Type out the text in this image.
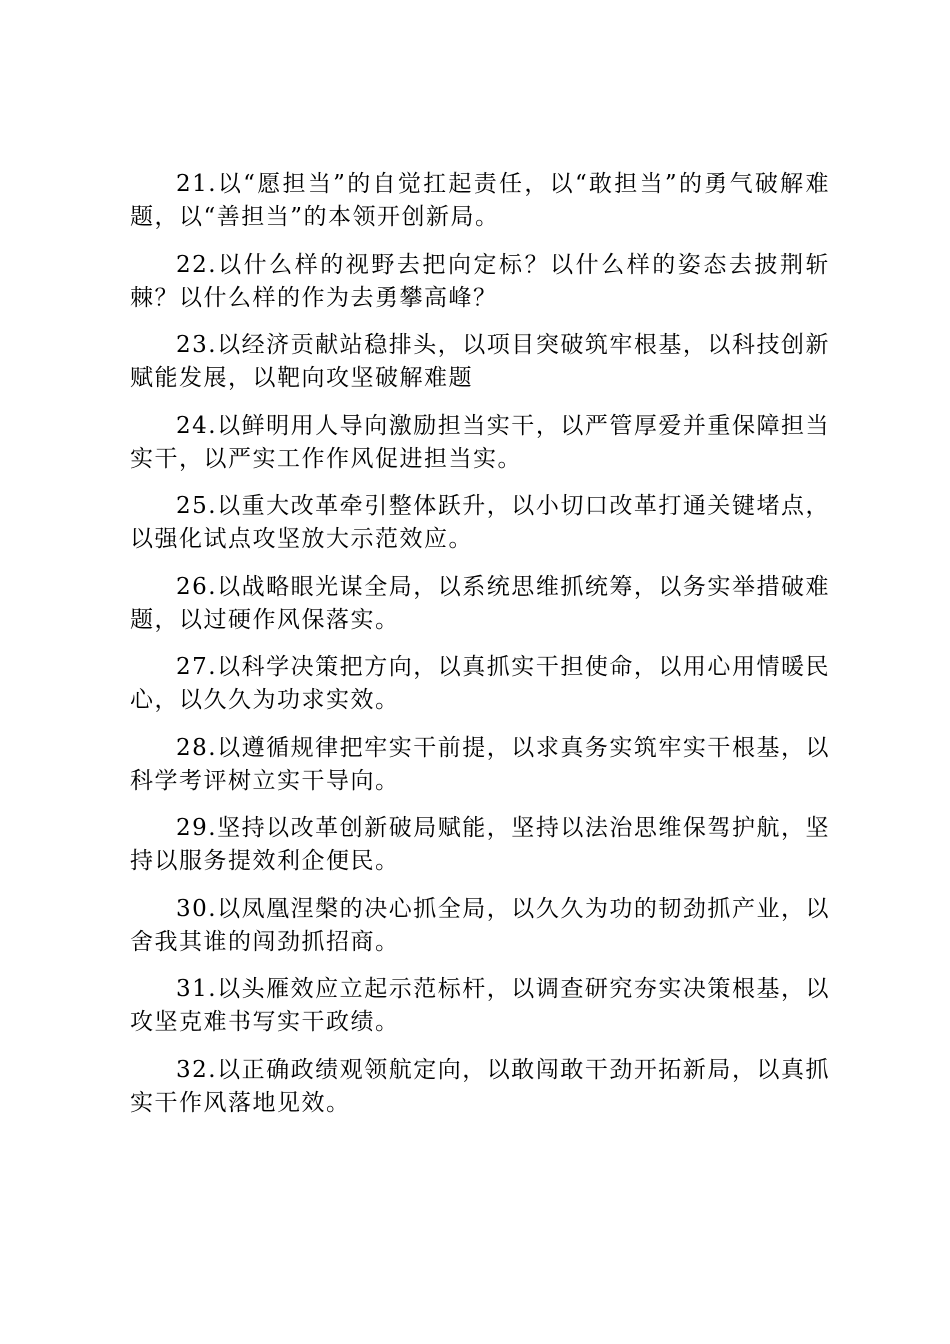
21.以“愿担当”的自觉扛起责任，以“敢担当”的勇气破解难题，以“善担当”的本领开创新局。

22.以什么样的视野去把向定标？以什么样的姿态去披荆斩棘？以什么样的作为去勇攀高峰？

23.以经济贡献站稳排头，以项目突破筑牢根基，以科技创新赋能发展，以靶向攻坚破解难题

24.以鲜明用人导向激励担当实干，以严管厚爱并重保障担当实干，以严实工作作风促进担当实。

25.以重大改革牵引整体跃升，以小切口改革打通关键堵点，以强化试点攻坚放大示范效应。

26.以战略眼光谋全局，以系统思维抓统筹，以务实举措破难题，以过硬作风保落实。

27.以科学决策把方向，以真抓实干担使命，以用心用情暖民心，以久久为功求实效。

28.以遵循规律把牢实干前提，以求真务实筑牢实干根基，以科学考评树立实干导向。

29.坚持以改革创新破局赋能，坚持以法治思维保驾护航，坚持以服务提效利企便民。

30.以凤凰涅槃的决心抓全局，以久久为功的韧劲抓产业，以舍我其谁的闯劲抓招商。

31.以头雁效应立起示范标杆，以调查研究夯实决策根基，以攻坚克难书写实干政绩。

32.以正确政绩观领航定向，以敢闯敢干劲开拓新局，以真抓实干作风落地见效。
